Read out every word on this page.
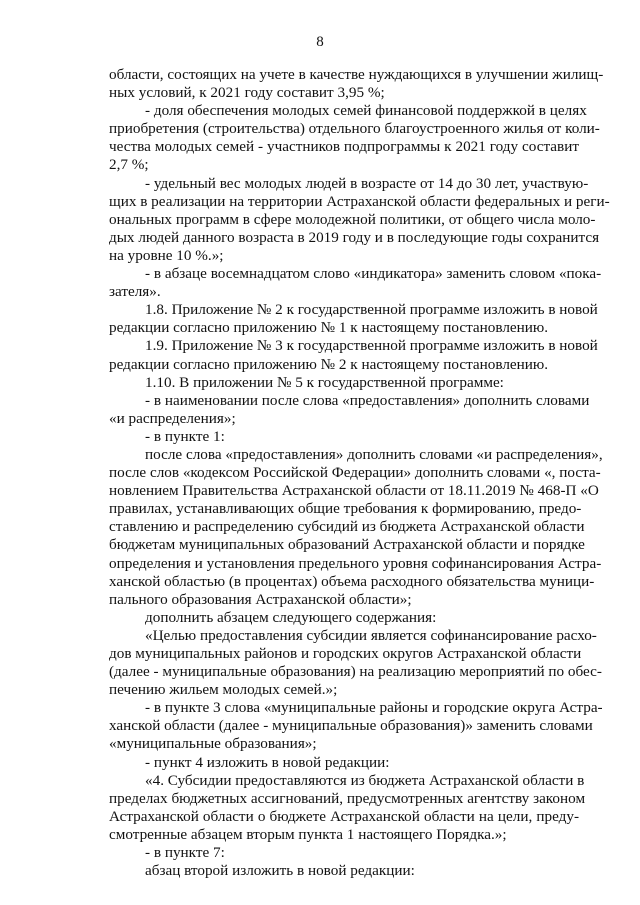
8
области, состоящих на учете в качестве нуждающихся в улучшении жилищ-
ных условий, к 2021 году составит 3,95 %;
- доля обеспечения молодых семей финансовой поддержкой в целях
приобретения (строительства) отдельного благоустроенного жилья от коли-
чества молодых семей - участников подпрограммы к 2021 году составит
2,7 %;
- удельный вес молодых людей в возрасте от 14 до 30 лет, участвую-
щих в реализации на территории Астраханской области федеральных и реги-
ональных программ в сфере молодежной политики, от общего числа моло-
дых людей данного возраста в 2019 году и в последующие годы сохранится
на уровне 10 %.»;
- в абзаце восемнадцатом слово «индикатора» заменить словом «пока-
зателя».
1.8. Приложение № 2 к государственной программе изложить в новой
редакции согласно приложению № 1 к настоящему постановлению.
1.9. Приложение № 3 к государственной программе изложить в новой
редакции согласно приложению № 2 к настоящему постановлению.
1.10. В приложении № 5 к государственной программе:
- в наименовании после слова «предоставления» дополнить словами
«и распределения»;
- в пункте 1:
после слова «предоставления» дополнить словами «и распределения»,
после слов «кодексом Российской Федерации» дополнить словами «, поста-
новлением Правительства Астраханской области от 18.11.2019 № 468-П «О
правилах, устанавливающих общие требования к формированию, предо-
ставлению и распределению субсидий из бюджета Астраханской области
бюджетам муниципальных образований Астраханской области и порядке
определения и установления предельного уровня софинансирования Астра-
ханской областью (в процентах) объема расходного обязательства муници-
пального образования Астраханской области»;
дополнить абзацем следующего содержания:
«Целью предоставления субсидии является софинансирование расхо-
дов муниципальных районов и городских округов Астраханской области
(далее - муниципальные образования) на реализацию мероприятий по обес-
печению жильем молодых семей.»;
- в пункте 3 слова «муниципальные районы и городские округа Астра-
ханской области (далее - муниципальные образования)» заменить словами
«муниципальные образования»;
- пункт 4 изложить в новой редакции:
«4. Субсидии предоставляются из бюджета Астраханской области в
пределах бюджетных ассигнований, предусмотренных агентству законом
Астраханской области о бюджете Астраханской области на цели, преду-
смотренные абзацем вторым пункта 1 настоящего Порядка.»;
- в пункте 7:
абзац второй изложить в новой редакции:
